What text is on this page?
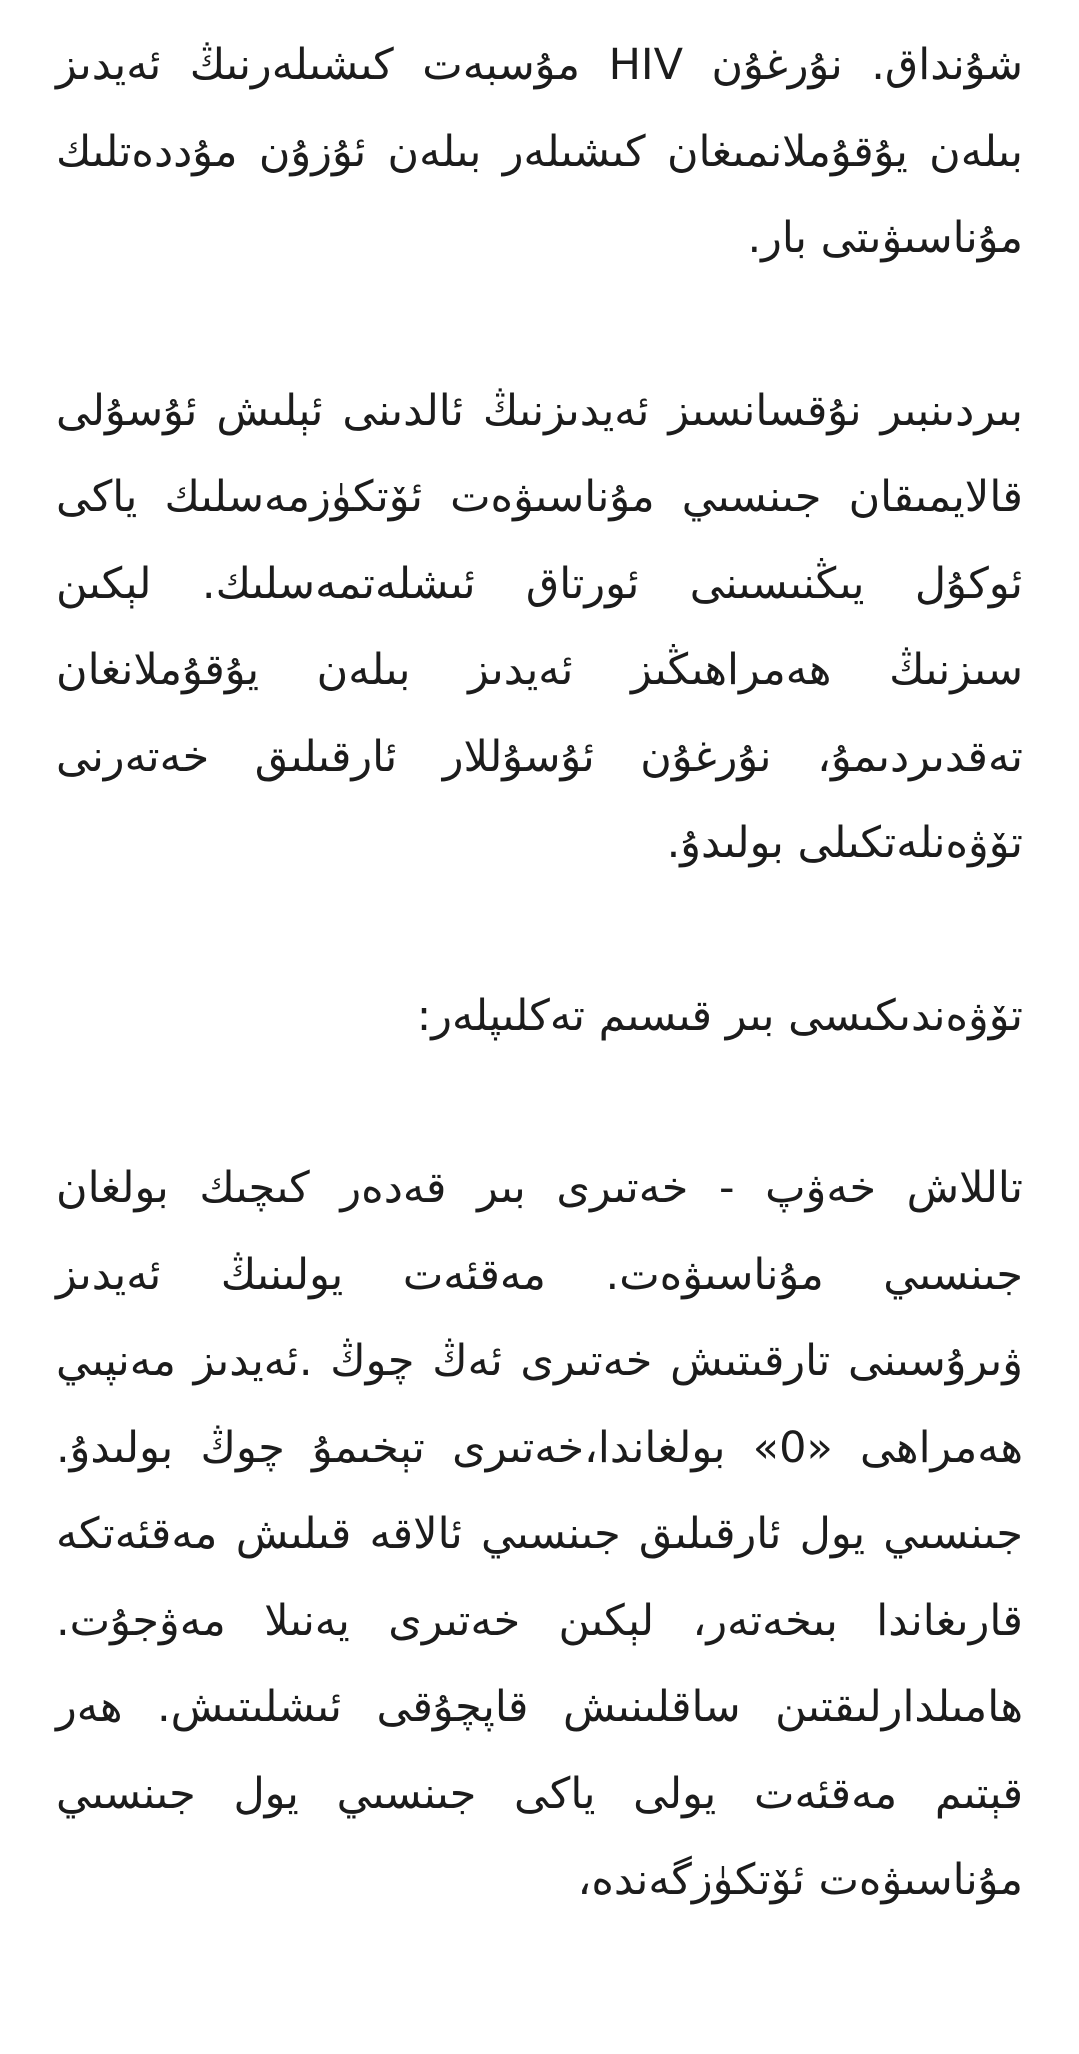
شۇنداق. نۇرغۇن HIV مۇسبەت كىشىلەرنىڭ ئەيدىز بىلەن يۇقۇملانمىغان كىشىلەر بىلەن ئۇزۇن مۇددەتلىك مۇناسىۋىتى بار.

بىردىنبىر نۇقسانسىز ئەيدىزنىڭ ئالدىنى ئېلىش ئۇسۇلى قالايمىقان جىنسىي مۇناسىۋەت ئۆتكۈزمەسلىك ياكى ئوكۇل يىڭنىسىنى ئورتاق ئىشلەتمەسلىك. لېكىن سىزنىڭ ھەمراھىڭىز ئەيدىز بىلەن يۇقۇملانغان تەقدىردىمۇ، نۇرغۇن ئۇسۇللار ئارقىلىق خەتەرنى تۆۋەنلەتكىلى بولىدۇ.

تۆۋەندىكىسى بىر قىسىم تەكلىپلەر:

تاللاش خەۋپ - خەتىرى بىر قەدەر كىچىك بولغان جىنسىي مۇناسىۋەت. مەقئەت يولىنىڭ ئەيدىز ۋىرۇسىنى تارقىتىش خەتىرى ئەڭ چوڭ .ئەيدىز مەنپىي ھەمراھى «0» بولغاندا،خەتىرى تېخىمۇ چوڭ بولىدۇ. جىنسىي يول ئارقىلىق جىنسىي ئالاقە قىلىش مەقئەتكە قارىغاندا بىخەتەر، لېكىن خەتىرى يەنىلا مەۋجۇت. ھامىلدارلىقتىن ساقلىنىش قاپچۇقى ئىشلىتىش. ھەر قېتىم مەقئەت يولى ياكى جىنسىي يول جىنسىي مۇناسىۋەت ئۆتكۈزگەندە،
